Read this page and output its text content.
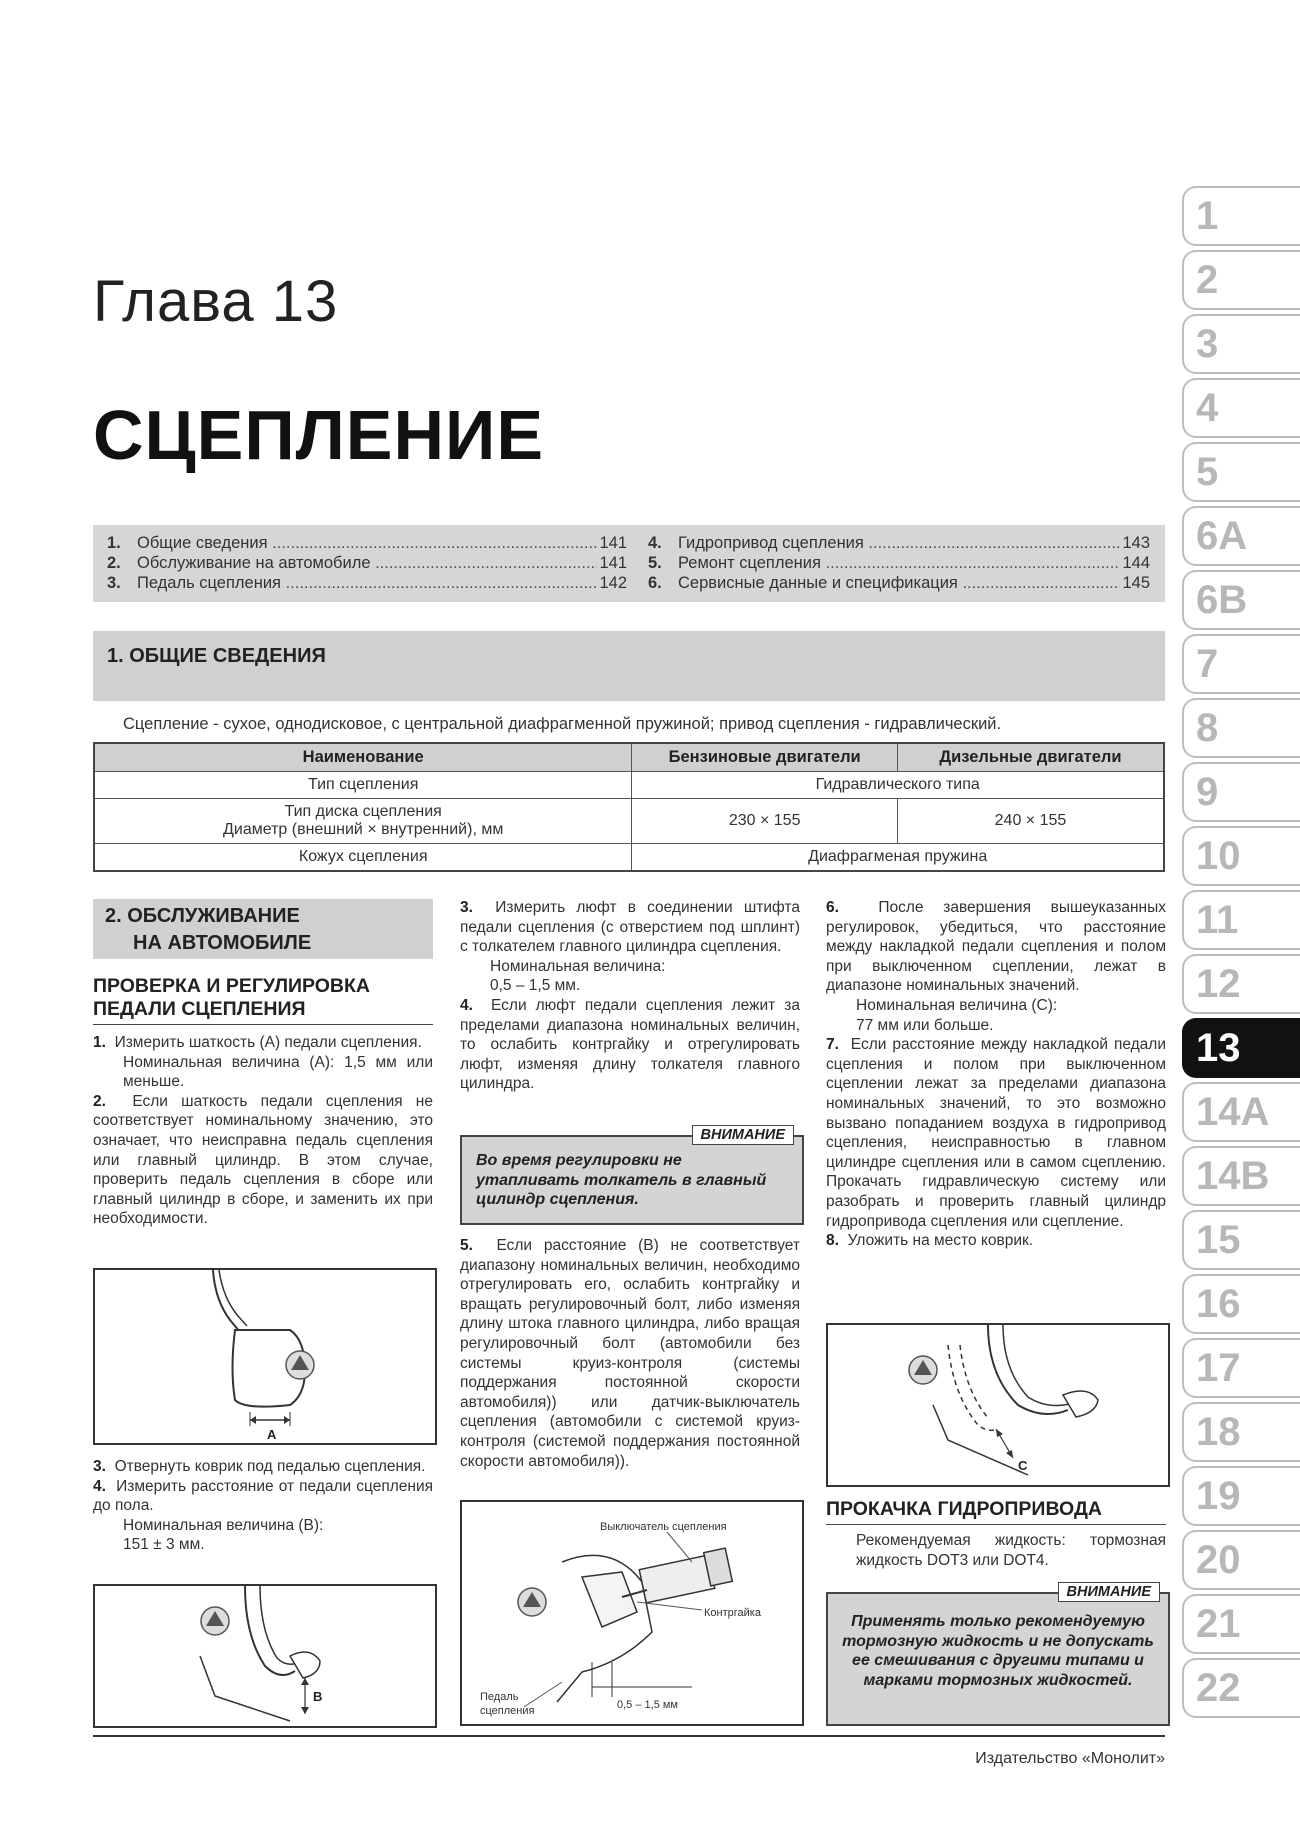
Глава 13
СЦЕПЛЕНИЕ
1. Общие сведения .....	141
2. Обслуживание на автомобиле .....	141
3. Педаль сцепления .....	142
4. Гидропривод сцепления .....	143
5. Ремонт сцепления .....	144
6. Сервисные данные и спецификация .....	145
1. ОБЩИЕ СВЕДЕНИЯ
Сцепление - сухое, однодисковое, с центральной диафрагменной пружиной; привод сцепления - гидравлический.
Наименование	Бензиновые двигатели	Дизельные двигатели
Тип сцепления	Гидравлического типа	
Тип диска сцепления
Диаметр (внешний × внутренний), мм	230 × 155	240 × 155
Кожух сцепления	Диафрагменая пружина	
2. ОБСЛУЖИВАНИЕ
НА АВТОМОБИЛЕ
ПРОВЕРКА И РЕГУЛИРОВКА
ПЕДАЛИ СЦЕПЛЕНИЯ

1. Измерить шаткость (А) педали сцепления.

Номинальная величина (А): 1,5 мм или меньше.

2. Если шаткость педали сцепления не соответствует номинальному значению, это означает, что неисправна педаль сцепления или главный цилиндр. В этом случае, проверить педаль сцепления в сборе или главный цилиндр в сборе, и заменить их при необходимости.

A

3. Отвернуть коврик под педалью сцепления.

4. Измерить расстояние от педали сцепления до пола.

Номинальная величина (В):

151 ± 3 мм.

B

3. Измерить люфт в соединении штифта педали сцепления (с отверстием под шплинт) с толкателем главного цилиндра сцепления.

Номинальная величина:

0,5 – 1,5 мм.

4. Если люфт педали сцепления лежит за пределами диапазона номинальных величин, то ослабить контргайку и отрегулировать люфт, изменяя длину толкателя главного цилиндра.

ВНИМАНИЕ
Во время регулировки не утапливать толкатель в главный цилиндр сцепления.

5. Если расстояние (В) не соответствует диапазону номинальных величин, необходимо отрегулировать его, ослабить контргайку и вращать регулировочный болт, либо изменяя длину штока главного цилиндра, либо вращая регулировочный болт (автомобили без системы круиз-контроля (системы поддержания постоянной скорости автомобиля)) или датчик-выключатель сцепления (автомобили с системой круиз-контроля (системой поддержания постоянной скорости автомобиля)).

Выключатель сцепления
Контргайка
Педаль
сцепления	0,5 – 1,5 мм

6.	После завершения вышеуказанных регулировок, убедиться, что расстояние между накладкой педали сцепления и полом при выключенном сцеплении, лежат в диапазоне номинальных значений.

Номинальная величина (С):

77 мм или больше.

7. Если расстояние между накладкой педали сцепления и полом при выключенном сцеплении лежат за пределами диапазона номинальных значений, то это возможно вызвано попаданием воздуха в гидропривод сцепления, неисправностью в главном цилиндре сцепления или в самом сцеплению. Прокачать гидравлическую систему или разобрать и проверить главный цилиндр гидропривода сцепления или сцепление.

8. Уложить на место коврик.

C
ПРОКАЧКА ГИДРОПРИВОДА

Рекомендуемая жидкость: тормозная жидкость DOT3 или DOT4.

ВНИМАНИЕ
Применять только рекомендуемую тормозную жидкость и не допускать ее смешивания с другими типами и марками тормозных жидкостей.
1
2
3
4
5
6A
6B
7
8
9
10
11
12
13
14A
14B
15
16
17
18
19
20
21
22
Издательство «Монолит»
